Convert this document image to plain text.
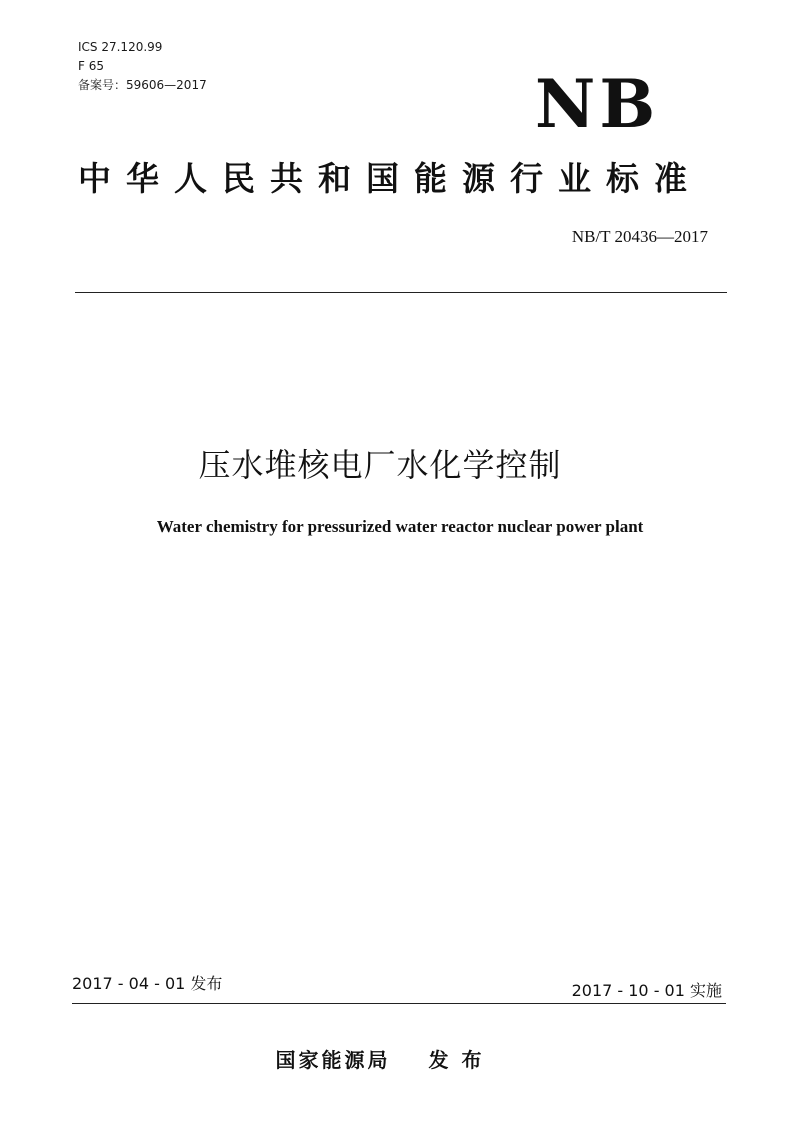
ICS 27.120.99
F 65
备案号：59606—2017	NB
中华人民共和国能源行业标准
NB/T 20436—2017
压水堆核电厂水化学控制
Water chemistry for pressurized water reactor nuclear power plant
2017 - 04 - 01 发布	2017 - 10 - 01 实施
国家能源局 发 布
